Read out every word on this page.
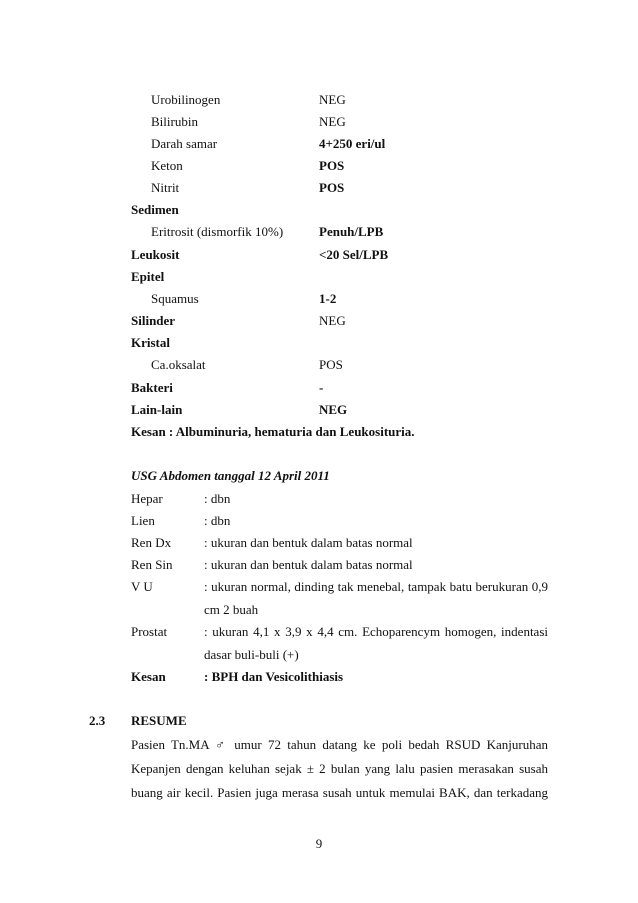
Urobilinogen	NEG
Bilirubin	NEG
Darah samar	4+250 eri/ul
Keton	POS
Nitrit	POS
Sedimen
Eritrosit (dismorfik 10%)	Penuh/LPB
Leukosit	<20 Sel/LPB
Epitel
Squamus	1-2
Silinder	NEG
Kristal
Ca.oksalat	POS
Bakteri	-
Lain-lain	NEG
Kesan : Albuminuria, hematuria dan Leukosituria.
USG Abdomen tanggal 12 April 2011
Hepar	: dbn
Lien	: dbn
Ren Dx	: ukuran dan bentuk dalam batas normal
Ren Sin : ukuran dan bentuk dalam batas normal
V U	: ukuran normal, dinding tak menebal, tampak batu berukuran 0,9
cm 2 buah
Prostat	: ukuran 4,1 x 3,9 x 4,4 cm. Echoparencym homogen, indentasi
dasar buli-buli (+)
Kesan	: BPH dan Vesicolithiasis
2.3 RESUME
Pasien Tn.MA ♂ umur 72 tahun datang ke poli bedah RSUD Kanjuruhan
Kepanjen dengan keluhan sejak ± 2 bulan yang lalu pasien merasakan susah
buang air kecil. Pasien juga merasa susah untuk memulai BAK, dan terkadang
9
